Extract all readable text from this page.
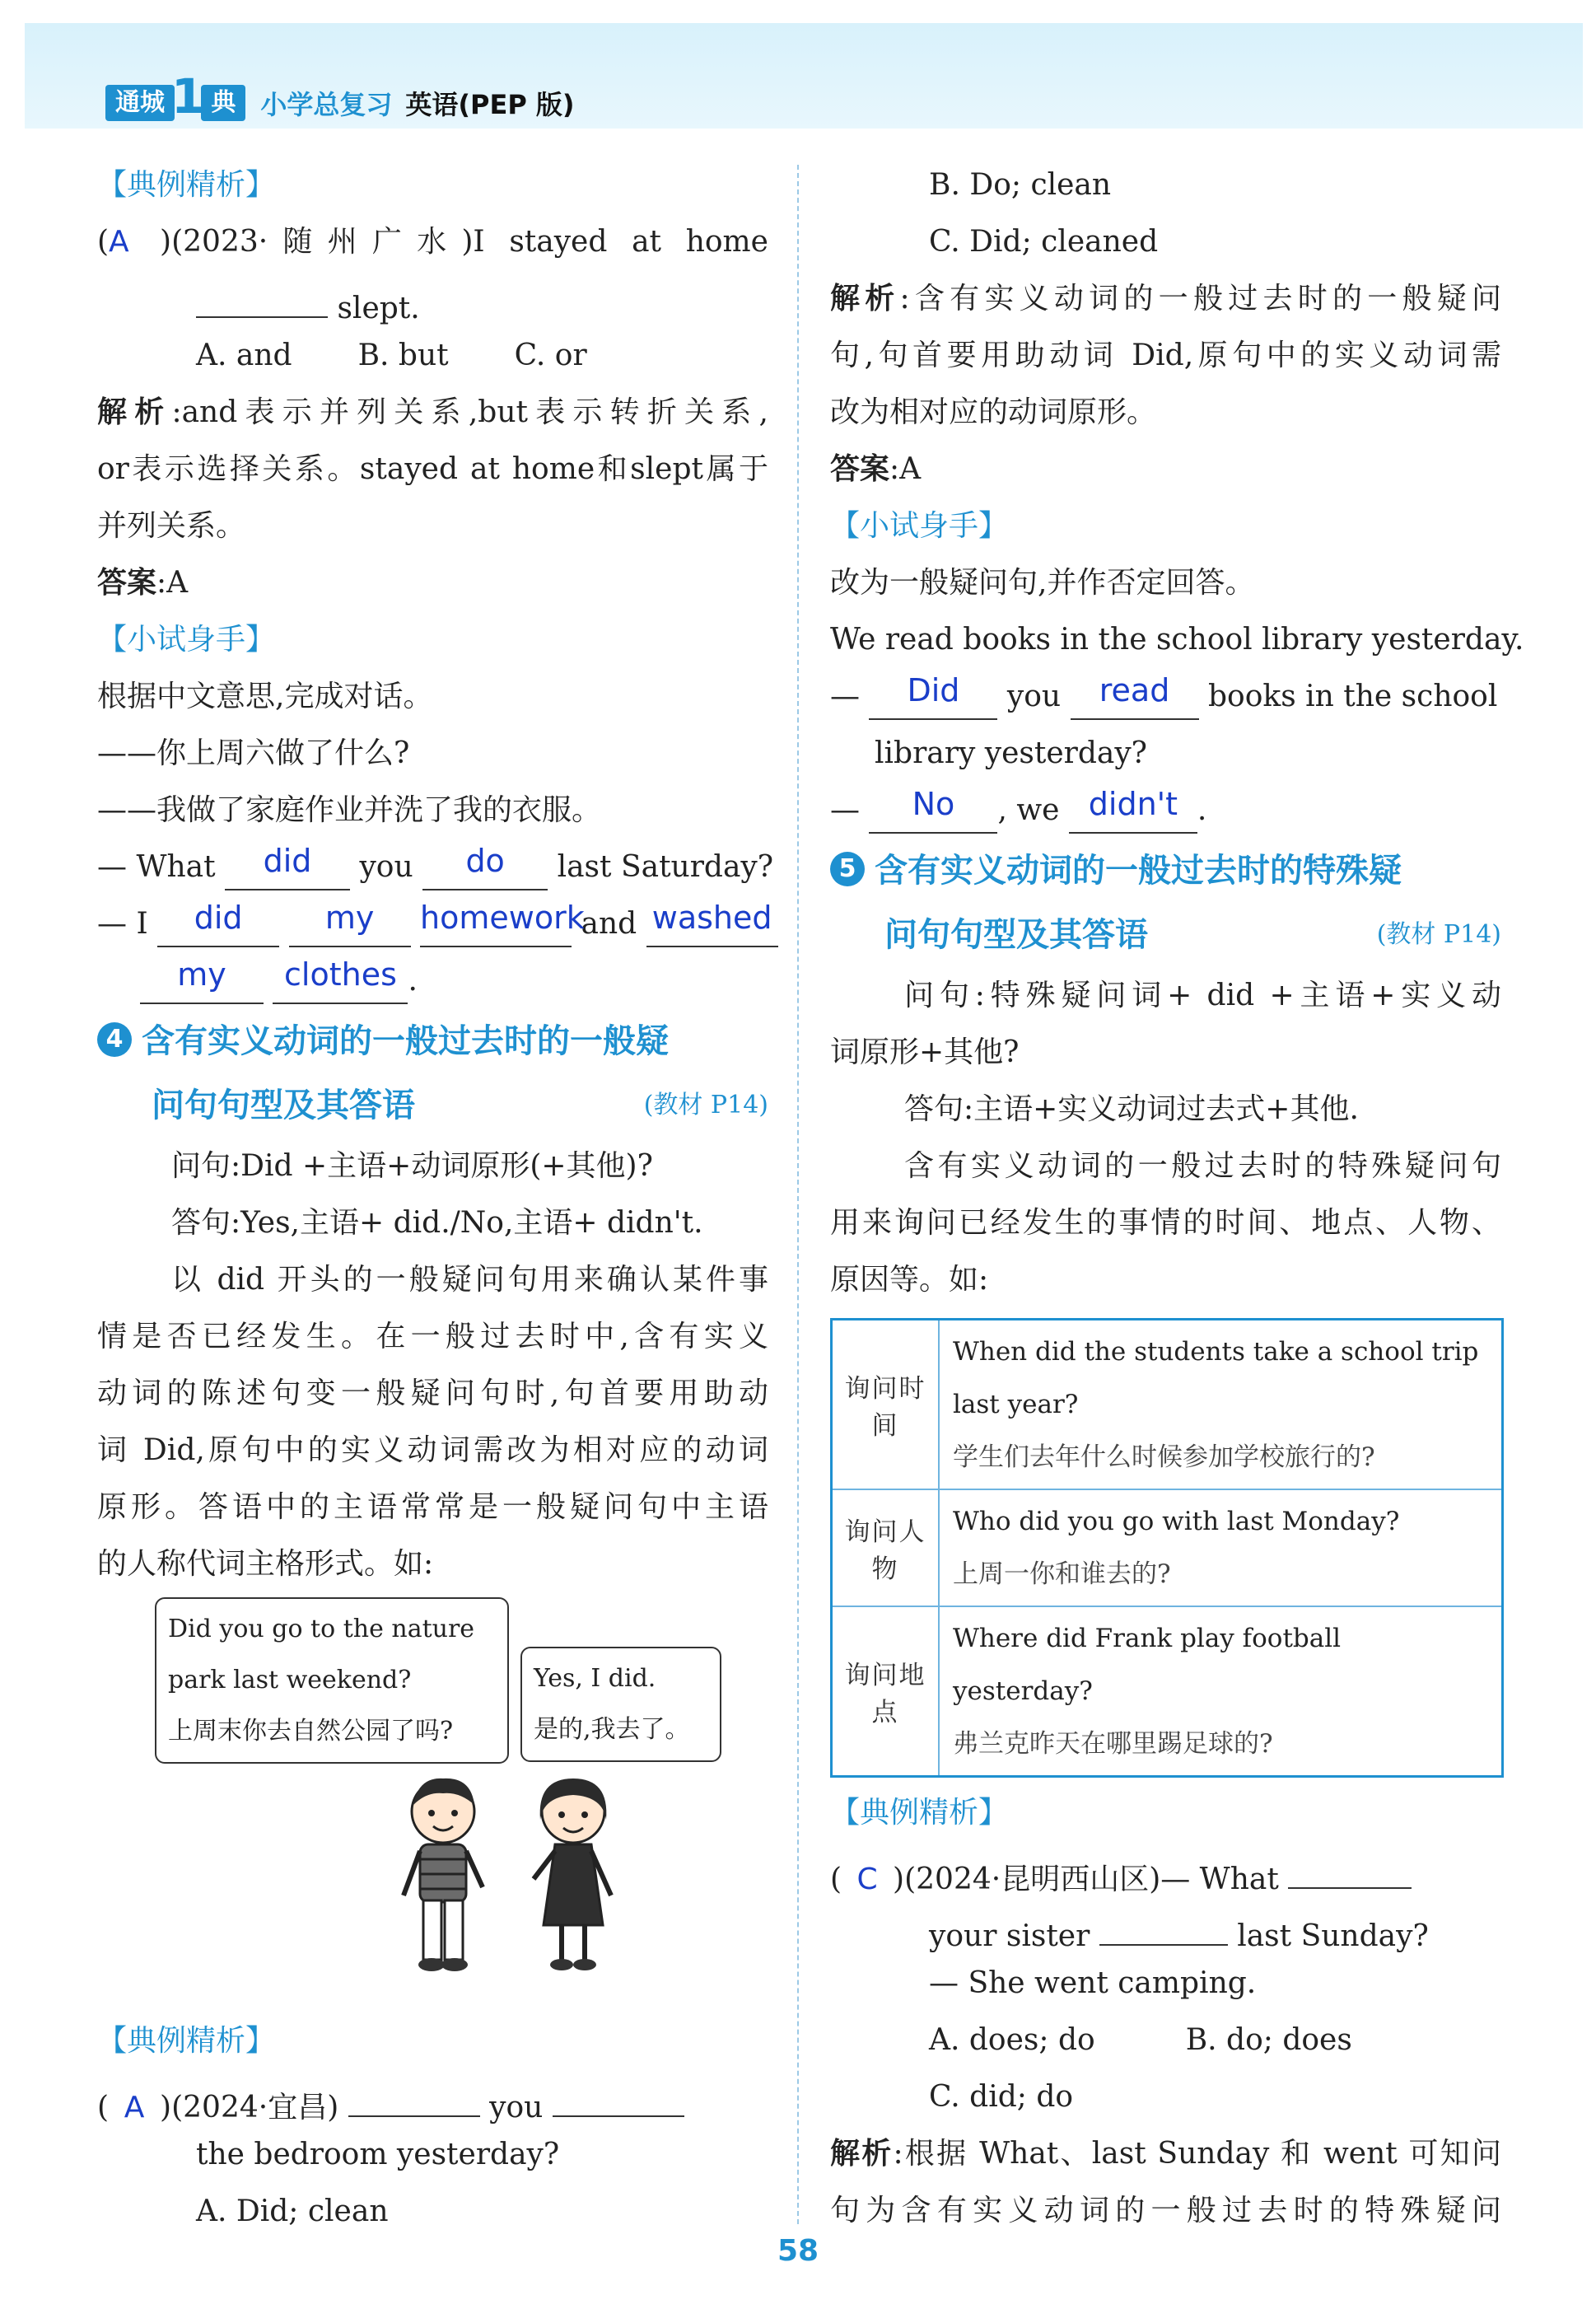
通城 1 典 小学总复习 英语(PEP 版)
【典例精析】
(A )(2023·随州广水)I stayed at home
slept.
A. and B. but C. or
解析:and表示并列关系,but表示转折关系,
or表示选择关系。stayed at home和slept属于
并列关系。
答案:A
【小试身手】
根据中文意思,完成对话。
——你上周六做了什么?
——我做了家庭作业并洗了我的衣服。
— What did you do last Saturday?
— I did	my homework and washed
my clothes .
4 含有实义动词的一般过去时的一般疑
问句句型及其答语	(教材 P14)
问句:Did +主语+动词原形(+其他)?
答句:Yes,主语+ did./No,主语+ didn't.
以 did 开头的一般疑问句用来确认某件事
情是否已经发生。在一般过去时中,含有实义
动词的陈述句变一般疑问句时,句首要用助动
词 Did,原句中的实义动词需改为相对应的动词
原形。答语中的主语常常是一般疑问句中主语
的人称代词主格形式。如:
Did you go to the nature
park last weekend?
上周末你去自然公园了吗?
Yes, I did.
是的,我去了。
【典例精析】
( A )(2024·宜昌)	you
the bedroom yesterday?
A. Did; clean
B. Do; clean
C. Did; cleaned
解析:含有实义动词的一般过去时的一般疑问
句,句首要用助动词 Did,原句中的实义动词需
改为相对应的动词原形。
答案:A
【小试身手】
改为一般疑问句,并作否定回答。
We read books in the school library yesterday.
— Did you read books in the school
library yesterday?
— No , we didn't .
5 含有实义动词的一般过去时的特殊疑
问句句型及其答语	(教材 P14)
问句:特殊疑问词+ did +主语+实义动
词原形+其他?
答句:主语+实义动词过去式+其他.
含有实义动词的一般过去时的特殊疑问句
用来询问已经发生的事情的时间、地点、人物、
原因等。如:
询问时间	When did the students take a school trip
last year?
学生们去年什么时候参加学校旅行的?

询问人物	Who did you go with last Monday?
上周一你和谁去的?

询问地点	Where did Frank play football yesterday?
弗兰克昨天在哪里踢足球的?
【典例精析】
( C )(2024·昆明西山区)— What
your sister	last Sunday?
— She went camping.
A. does; do	B. do; does
C. did; do
解析:根据 What、last Sunday 和 went 可知问
句为含有实义动词的一般过去时的特殊疑问
58
